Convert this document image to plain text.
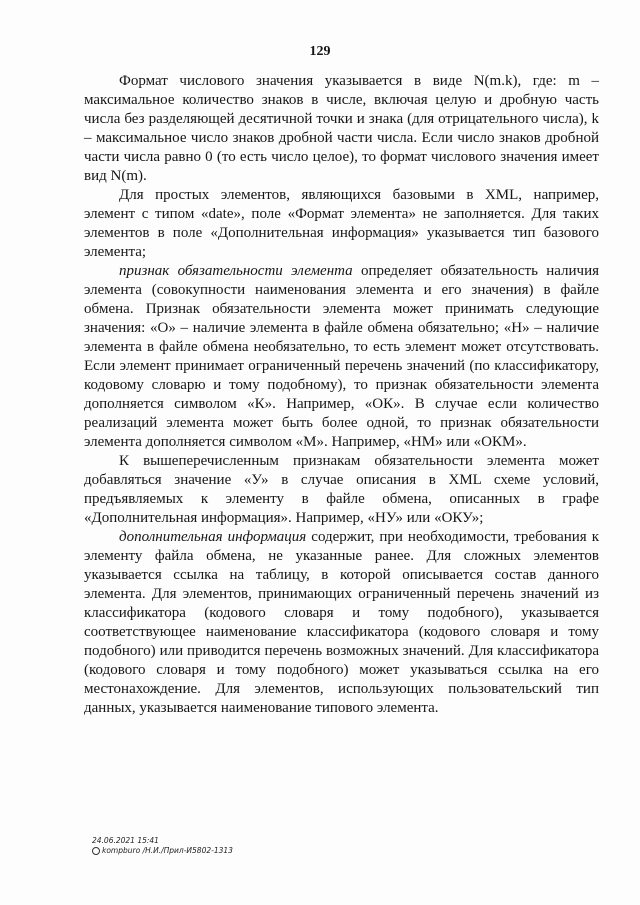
129

Формат числового значения указывается в виде N(m.k), где: m – максимальное количество знаков в числе, включая целую и дробную часть числа без разделяющей десятичной точки и знака (для отрицательного числа), k – максимальное число знаков дробной части числа. Если число знаков дробной части числа равно 0 (то есть число целое), то формат числового значения имеет вид N(m).

Для простых элементов, являющихся базовыми в XML, например, элемент с типом «date», поле «Формат элемента» не заполняется. Для таких элементов в поле «Дополнительная информация» указывается тип базового элемента;

признак обязательности элемента определяет обязательность наличия элемента (совокупности наименования элемента и его значения) в файле обмена. Признак обязательности элемента может принимать следующие значения: «О» – наличие элемента в файле обмена обязательно; «Н» – наличие элемента в файле обмена необязательно, то есть элемент может отсутствовать. Если элемент принимает ограниченный перечень значений (по классификатору, кодовому словарю и тому подобному), то признак обязательности элемента дополняется символом «К». Например, «ОК». В случае если количество реализаций элемента может быть более одной, то признак обязательности элемента дополняется символом «М». Например, «НМ» или «ОКМ».

К вышеперечисленным признакам обязательности элемента может добавляться значение «У» в случае описания в XML схеме условий, предъявляемых к элементу в файле обмена, описанных в графе «Дополнительная информация». Например, «НУ» или «ОКУ»;

дополнительная информация содержит, при необходимости, требования к элементу файла обмена, не указанные ранее. Для сложных элементов указывается ссылка на таблицу, в которой описывается состав данного элемента. Для элементов, принимающих ограниченный перечень значений из классификатора (кодового словаря и тому подобного), указывается соответствующее наименование классификатора (кодового словаря и тому подобного) или приводится перечень возможных значений. Для классификатора (кодового словаря и тому подобного) может указываться ссылка на его местонахождение. Для элементов, использующих пользовательский тип данных, указывается наименование типового элемента.

24.06.2021 15:41
kompburo /Н.И./Прил-И5802-1313
